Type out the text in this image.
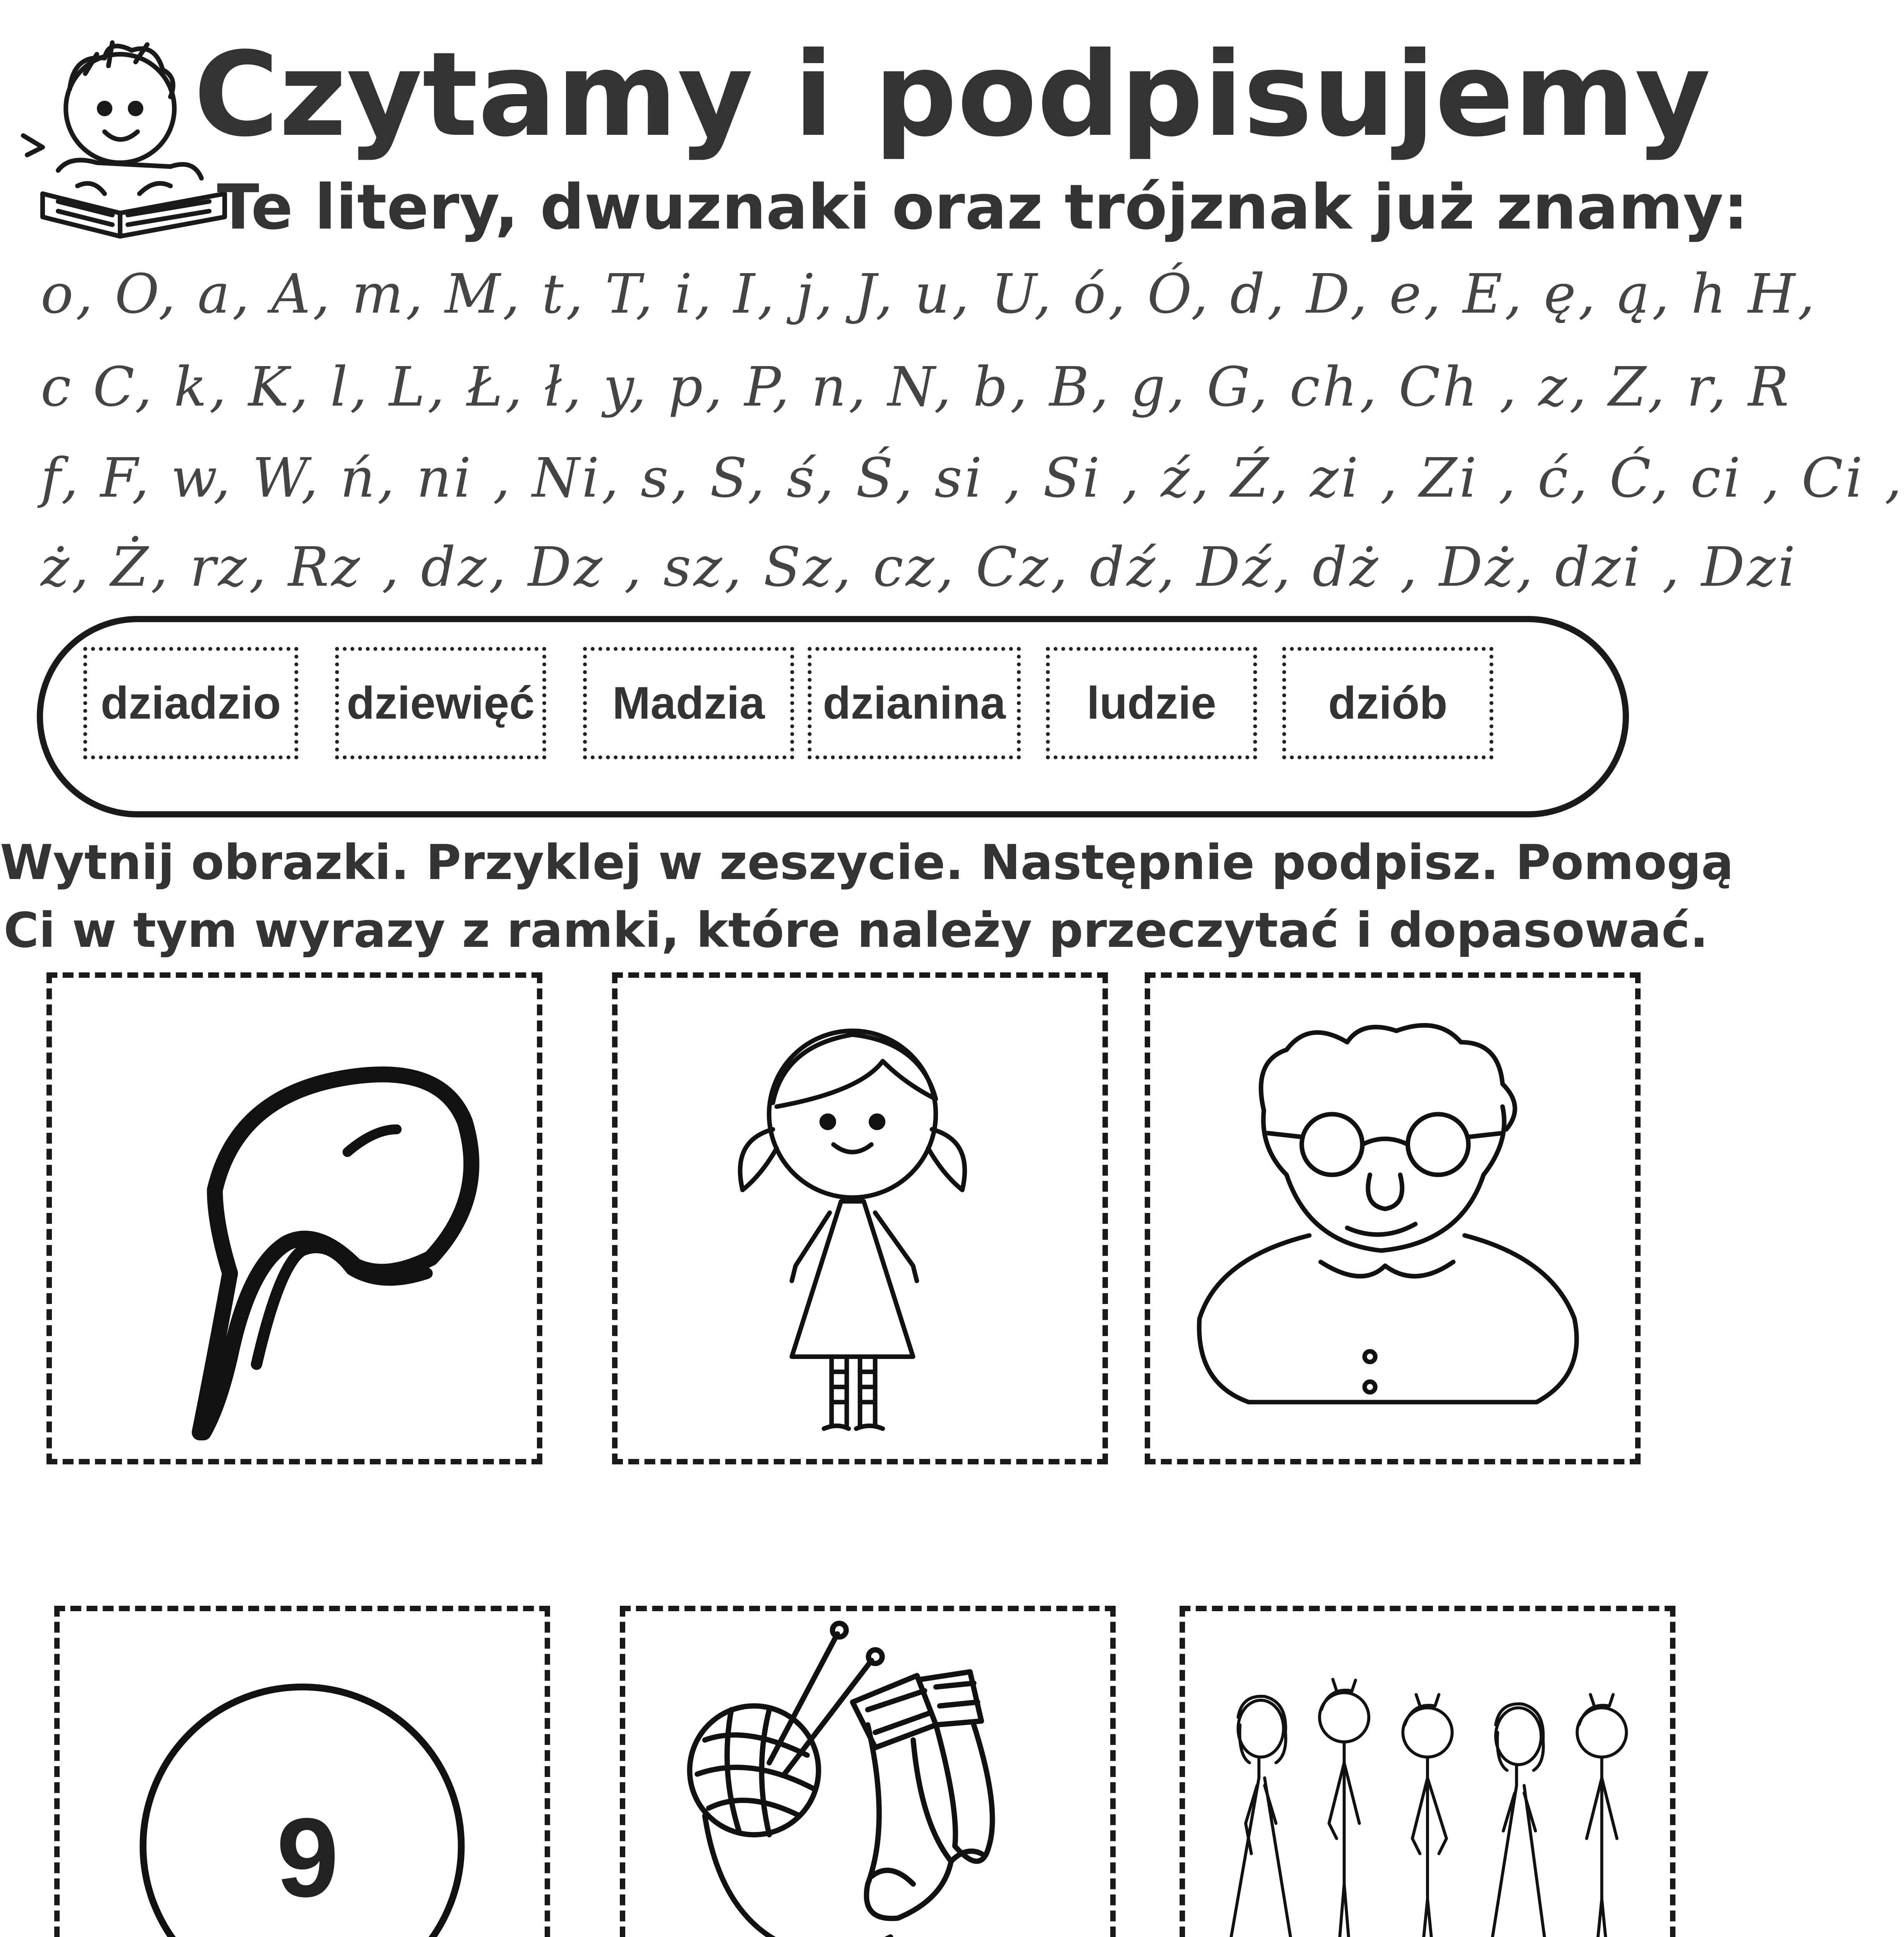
Czytamy i podpisujemy
Te litery, dwuznaki oraz trójznak już znamy:
o, O, a, A, m, M, t, T, i, I, j, J, u, U, ó, Ó, d, D, e, E, ę, ą, h H,
c C, k, K, l, L, Ł, ł, y, p, P, n, N, b, B, g, G, ch, Ch , z, Z, r, R
f, F, w, W, ń, ni , Ni, s, S, ś, Ś, si , Si , ź, Ź, zi , Zi , ć, Ć, ci , Ci ,
ż, Ż, rz, Rz , dz, Dz , sz, Sz, cz, Cz, dź, Dź, dż , Dż, dzi , Dzi
dziadzio	dziewięć	Madzia	dzianina	ludzie	dziób
Wytnij obrazki. Przyklej w zeszycie. Następnie podpisz. Pomogą
Ci w tym wyrazy z ramki, które należy przeczytać i dopasować.
9
